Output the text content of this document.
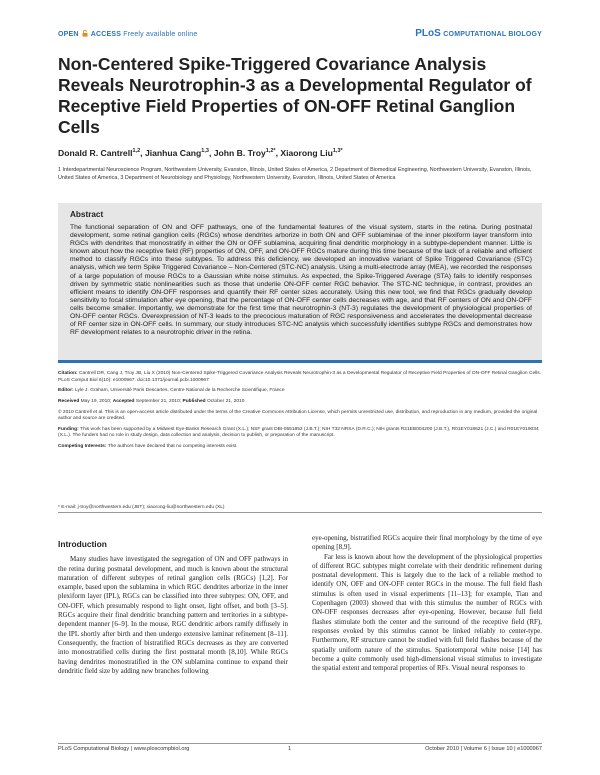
OPEN ACCESS Freely available online	PLoS COMPUTATIONAL BIOLOGY
Non-Centered Spike-Triggered Covariance Analysis Reveals Neurotrophin-3 as a Developmental Regulator of Receptive Field Properties of ON-OFF Retinal Ganglion Cells
Donald R. Cantrell$^{1,2}$, Jianhua Cang$^{1,3}$, John B. Troy$^{1,2*}$, Xiaorong Liu$^{1,3*}$
1 Interdepartmental Neuroscience Program, Northwestern University, Evanston, Illinois, United States of America, 2 Department of Biomedical Engineering, Northwestern University, Evanston, Illinois, United States of America, 3 Department of Neurobiology and Physiology, Northwestern University, Evanston, Illinois, United States of America
Abstract

The functional separation of ON and OFF pathways, one of the fundamental features of the visual system, starts in the retina. During postnatal development, some retinal ganglion cells (RGCs) whose dendrites arborize in both ON and OFF sublaminae of the inner plexiform layer transform into RGCs with dendrites that monostratify in either the ON or OFF sublamina, acquiring final dendritic morphology in a subtype-dependent manner. Little is known about how the receptive field (RF) properties of ON, OFF, and ON-OFF RGCs mature during this time because of the lack of a reliable and efficient method to classify RGCs into these subtypes. To address this deficiency, we developed an innovative variant of Spike Triggered Covariance (STC) analysis, which we term Spike Triggered Covariance – Non-Centered (STC-NC) analysis. Using a multi-electrode array (MEA), we recorded the responses of a large population of mouse RGCs to a Gaussian white noise stimulus. As expected, the Spike-Triggered Average (STA) fails to identify responses driven by symmetric static nonlinearities such as those that underlie ON-OFF center RGC behavior. The STC-NC technique, in contrast, provides an efficient means to identify ON-OFF responses and quantify their RF center sizes accurately. Using this new tool, we find that RGCs gradually develop sensitivity to focal stimulation after eye opening, that the percentage of ON-OFF center cells decreases with age, and that RF centers of ON and ON-OFF cells become smaller. Importantly, we demonstrate for the first time that neurotrophin-3 (NT-3) regulates the development of physiological properties of ON-OFF center RGCs. Overexpression of NT-3 leads to the precocious maturation of RGC responsiveness and accelerates the developmental decrease of RF center size in ON-OFF cells. In summary, our study introduces STC-NC analysis which successfully identifies subtype RGCs and demonstrates how RF development relates to a neurotrophic driver in the retina.

Citation: Cantrell DR, Cang J, Troy JB, Liu X (2010) Non-Centered Spike-Triggered Covariance Analysis Reveals Neurotrophin-3 as a Developmental Regulator of Receptive Field Properties of ON-OFF Retinal Ganglion Cells. PLoS Comput Biol 6(10): e1000967. doi:10.1371/journal.pcbi.1000967

Editor: Lyle J. Graham, Université Paris Descartes, Centre National de la Recherche Scientifique, France

Received May 19, 2010; Accepted September 21, 2010; Published October 21, 2010

© 2010 Cantrell et al. This is an open-access article distributed under the terms of the Creative Commons Attribution License, which permits unrestricted use, distribution, and reproduction in any medium, provided the original author and source are credited.

Funding: This work has been supported by a Midwest Eye-Banks Research Grant (X.L.); NSF grant DBI-0551852 (J.B.T.); NIH T32 NRSA (D.R.C.); NIH grants R21EB004200 (J.B.T.), R01EY018621 (J.C.) and R01EY019034 (X.L.). The funders had no role in study design, data collection and analysis, decision to publish, or preparation of the manuscript.

Competing Interests: The authors have declared that no competing interests exist.

* E-mail: j-troy@northwestern.edu (JBT); xiaorong-liu@northwestern.edu (XL)

Introduction

Many studies have investigated the segregation of ON and OFF pathways in the retina during postnatal development, and much is known about the structural maturation of different subtypes of retinal ganglion cells (RGCs) [1,2]. For example, based upon the sublamina in which RGC dendrites arborize in the inner plexiform layer (IPL), RGCs can be classified into three subtypes: ON, OFF, and ON-OFF, which presumably respond to light onset, light offset, and both [3–5]. RGCs acquire their final dendritic branching pattern and territories in a subtype-dependent manner [6–9]. In the mouse, RGC dendritic arbors ramify diffusely in the IPL shortly after birth and then undergo extensive laminar refinement [8–11]. Consequently, the fraction of bistratified RGCs decreases as they are converted into monostratified cells during the first postnatal month [8,10]. While RGCs having dendrites monostratified in the ON sublamina continue to expand their dendritic field size by adding new branches following

eye-opening, bistratified RGCs acquire their final morphology by the time of eye opening [8,9].

Far less is known about how the development of the physiological properties of different RGC subtypes might correlate with their dendritic refinement during postnatal development. This is largely due to the lack of a reliable method to identify ON, OFF and ON-OFF center RGCs in the mouse. The full field flash stimulus is often used in visual experiments [11–13]; for example, Tian and Copenhagen (2003) showed that with this stimulus the number of RGCs with ON-OFF responses decreases after eye-opening. However, because full field flashes stimulate both the center and the surround of the receptive field (RF), responses evoked by this stimulus cannot be linked reliably to center-type. Furthermore, RF structure cannot be studied with full field flashes because of the spatially uniform nature of the stimulus. Spatiotemporal white noise [14] has become a quite commonly used high-dimensional visual stimulus to investigate the spatial extent and temporal properties of RFs. Visual neural responses to

PLoS Computational Biology | www.ploscompbiol.org	1	October 2010 | Volume 6 | Issue 10 | e1000967
